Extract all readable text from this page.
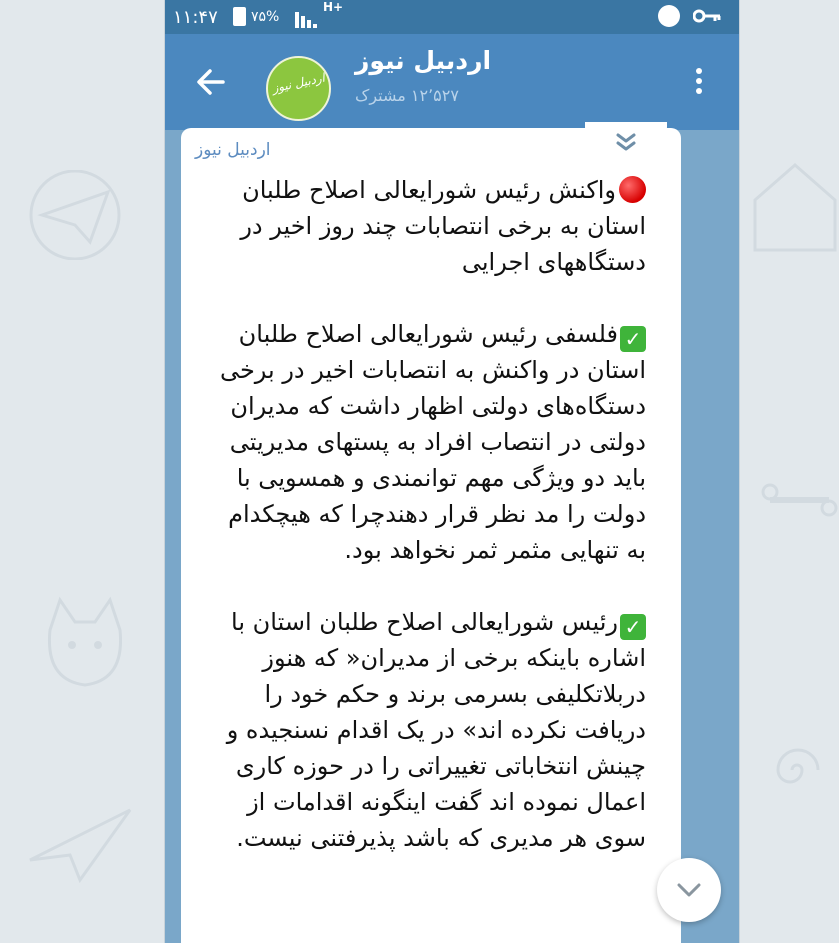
۱۱:۴۷ ۷۵%
H+
اردبیل نیوز
اردبیل نیوز
۱۲٬۵۲۷ مشترک
اردبیل نیوز

واکنش رئیس شورایعالی اصلاح طلبان استان به برخی انتصابات چند روز اخیر در دستگاههای اجرایی

✓فلسفی رئیس شورایعالی اصلاح طلبان استان در واکنش به انتصابات اخیر در برخی دستگاه‌های دولتی اظهار داشت که مدیران دولتی در انتصاب افراد به پستهای مدیریتی باید دو ویژگی مهم توانمندی و همسویی با دولت را مد نظر قرار دهندچرا که هیچکدام به تنهایی مثمر ثمر نخواهد بود.

✓رئیس شورایعالی اصلاح طلبان استان با اشاره باینکه برخی از مدیران« که هنوز دربلاتکلیفی بسرمی برند و حکم خود را دریافت نکرده اند» در یک اقدام نسنجیده و چینش انتخاباتی تغییراتی را در حوزه کاری اعمال نموده اند گفت اینگونه اقدامات از سوی هر مدیری که باشد پذیرفتنی نیست.
